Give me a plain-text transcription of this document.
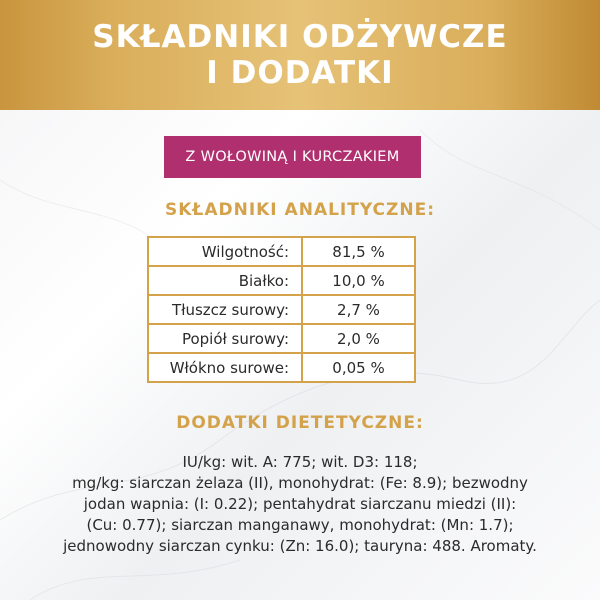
SKŁADNIKI ODŻYWCZE
I DODATKI
Z WOŁOWINĄ I KURCZAKIEM
SKŁADNIKI ANALITYCZNE:
Wilgotność:	81,5 %
Białko:	10,0 %
Tłuszcz surowy:	2,7 %
Popiół surowy:	2,0 %
Włókno surowe:	0,05 %
DODATKI DIETETYCZNE:
IU/kg: wit. A: 775; wit. D3: 118;
mg/kg: siarczan żelaza (II), monohydrat: (Fe: 8.9); bezwodny
jodan wapnia: (I: 0.22); pentahydrat siarczanu miedzi (II):
(Cu: 0.77); siarczan manganawy, monohydrat: (Mn: 1.7);
jednowodny siarczan cynku: (Zn: 16.0); tauryna: 488. Aromaty.
